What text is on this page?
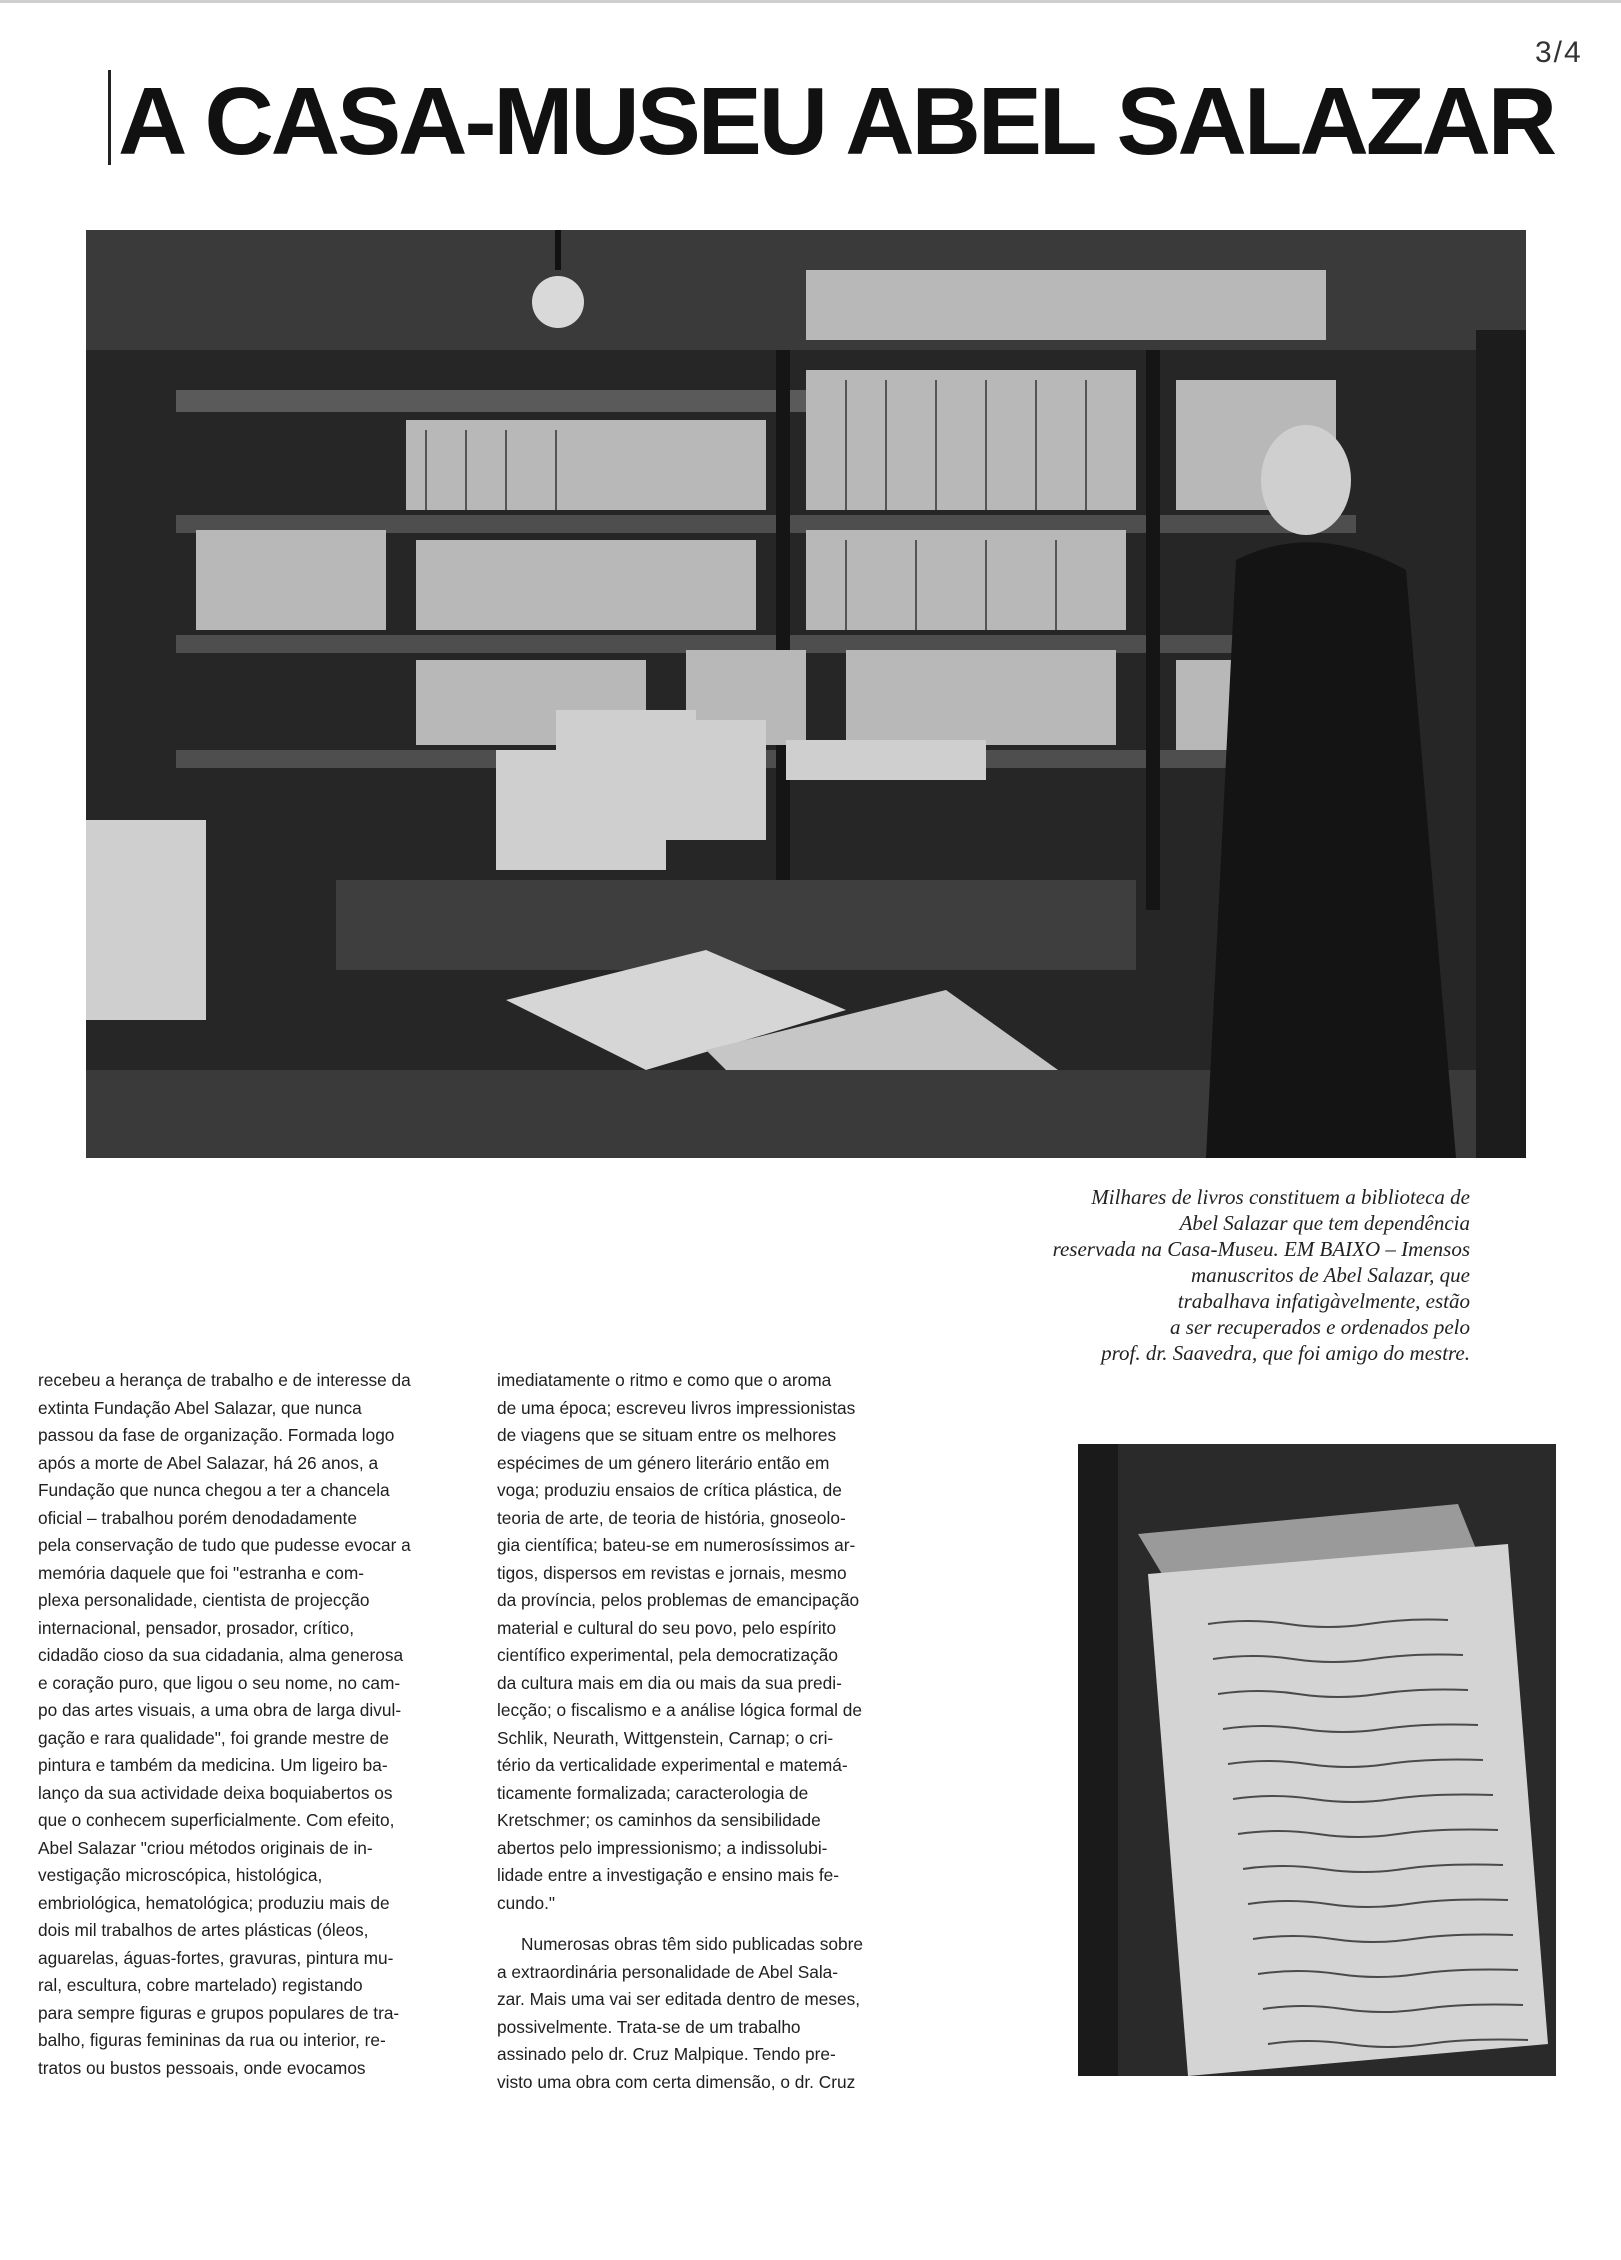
3/4
A CASA-MUSEU ABEL SALAZAR
Milhares de livros constituem a biblioteca de
Abel Salazar que tem dependência
reservada na Casa-Museu. EM BAIXO – Imensos
manuscritos de Abel Salazar, que
trabalhava infatigàvelmente, estão
a ser recuperados e ordenados pelo
prof. dr. Saavedra, que foi amigo do mestre.
recebeu a herança de trabalho e de interesse da
extinta Fundação Abel Salazar, que nunca
passou da fase de organização. Formada logo
após a morte de Abel Salazar, há 26 anos, a
Fundação que nunca chegou a ter a chancela
oficial – trabalhou porém denodadamente
pela conservação de tudo que pudesse evocar a
memória daquele que foi "estranha e com-
plexa personalidade, cientista de projecção
internacional, pensador, prosador, crítico,
cidadão cioso da sua cidadania, alma generosa
e coração puro, que ligou o seu nome, no cam-
po das artes visuais, a uma obra de larga divul-
gação e rara qualidade", foi grande mestre de
pintura e também da medicina. Um ligeiro ba-
lanço da sua actividade deixa boquiabertos os
que o conhecem superficialmente. Com efeito,
Abel Salazar "criou métodos originais de in-
vestigação microscópica, histológica,
embriológica, hematológica; produziu mais de
dois mil trabalhos de artes plásticas (óleos,
aguarelas, águas-fortes, gravuras, pintura mu-
ral, escultura, cobre martelado) registando
para sempre figuras e grupos populares de tra-
balho, figuras femininas da rua ou interior, re-
tratos ou bustos pessoais, onde evocamos
imediatamente o ritmo e como que o aroma
de uma época; escreveu livros impressionistas
de viagens que se situam entre os melhores
espécimes de um género literário então em
voga; produziu ensaios de crítica plástica, de
teoria de arte, de teoria de história, gnoseolo-
gia científica; bateu-se em numerosíssimos ar-
tigos, dispersos em revistas e jornais, mesmo
da província, pelos problemas de emancipação
material e cultural do seu povo, pelo espírito
científico experimental, pela democratização
da cultura mais em dia ou mais da sua predi-
lecção; o fiscalismo e a análise lógica formal de
Schlik, Neurath, Wittgenstein, Carnap; o cri-
tério da verticalidade experimental e matemá-
ticamente formalizada; caracterologia de
Kretschmer; os caminhos da sensibilidade
abertos pelo impressionismo; a indissolubi-
lidade entre a investigação e ensino mais fe-
cundo."
Numerosas obras têm sido publicadas sobre
a extraordinária personalidade de Abel Sala-
zar. Mais uma vai ser editada dentro de meses,
possivelmente. Trata-se de um trabalho
assinado pelo dr. Cruz Malpique. Tendo pre-
visto uma obra com certa dimensão, o dr. Cruz
